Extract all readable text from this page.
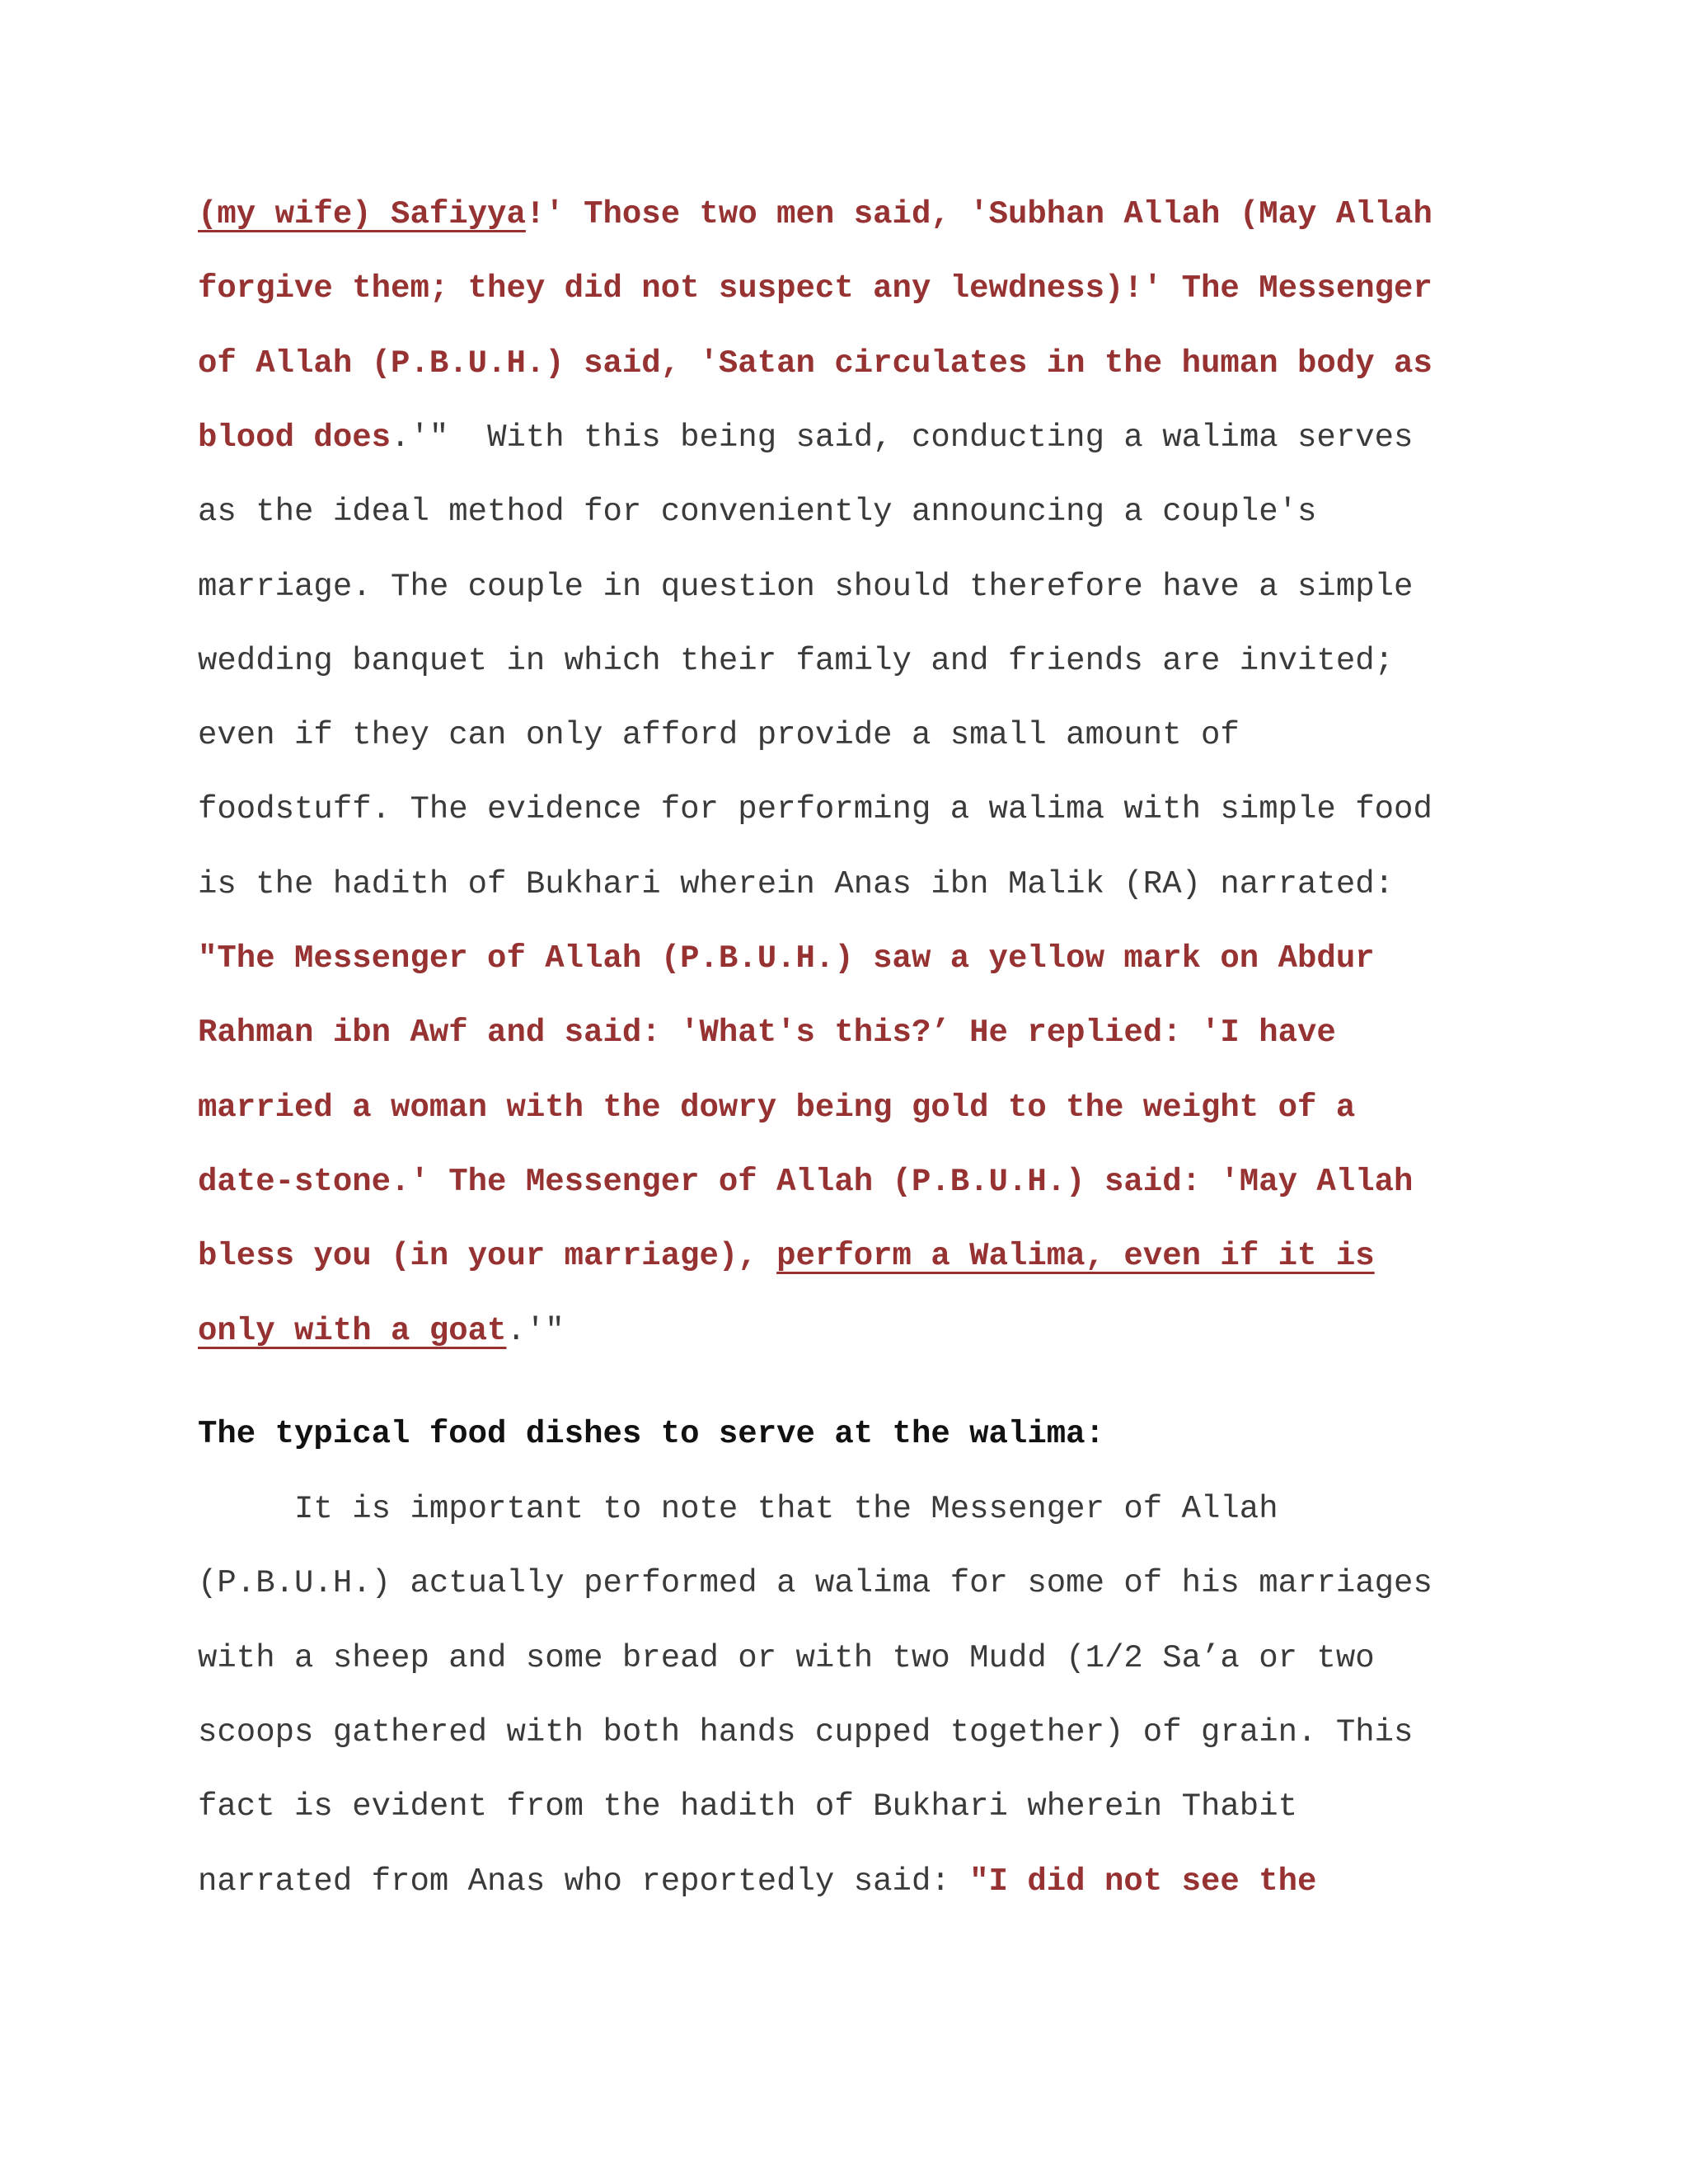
(my wife) Safiyya!' Those two men said, 'Subhan Allah (May Allah
forgive them; they did not suspect any lewdness)!' The Messenger
of Allah (P.B.U.H.) said, 'Satan circulates in the human body as
blood does.'"  With this being said, conducting a walima serves
as the ideal method for conveniently announcing a couple's
marriage. The couple in question should therefore have a simple
wedding banquet in which their family and friends are invited;
even if they can only afford provide a small amount of
foodstuff. The evidence for performing a walima with simple food
is the hadith of Bukhari wherein Anas ibn Malik (RA) narrated:
"The Messenger of Allah (P.B.U.H.) saw a yellow mark on Abdur
Rahman ibn Awf and said: 'What's this?’ He replied: 'I have
married a woman with the dowry being gold to the weight of a
date-stone.' The Messenger of Allah (P.B.U.H.) said: 'May Allah
bless you (in your marriage), perform a Walima, even if it is
only with a goat.'"
The typical food dishes to serve at the walima:
It is important to note that the Messenger of Allah
(P.B.U.H.) actually performed a walima for some of his marriages
with a sheep and some bread or with two Mudd (1/2 Sa’a or two
scoops gathered with both hands cupped together) of grain. This
fact is evident from the hadith of Bukhari wherein Thabit
narrated from Anas who reportedly said: "I did not see the
